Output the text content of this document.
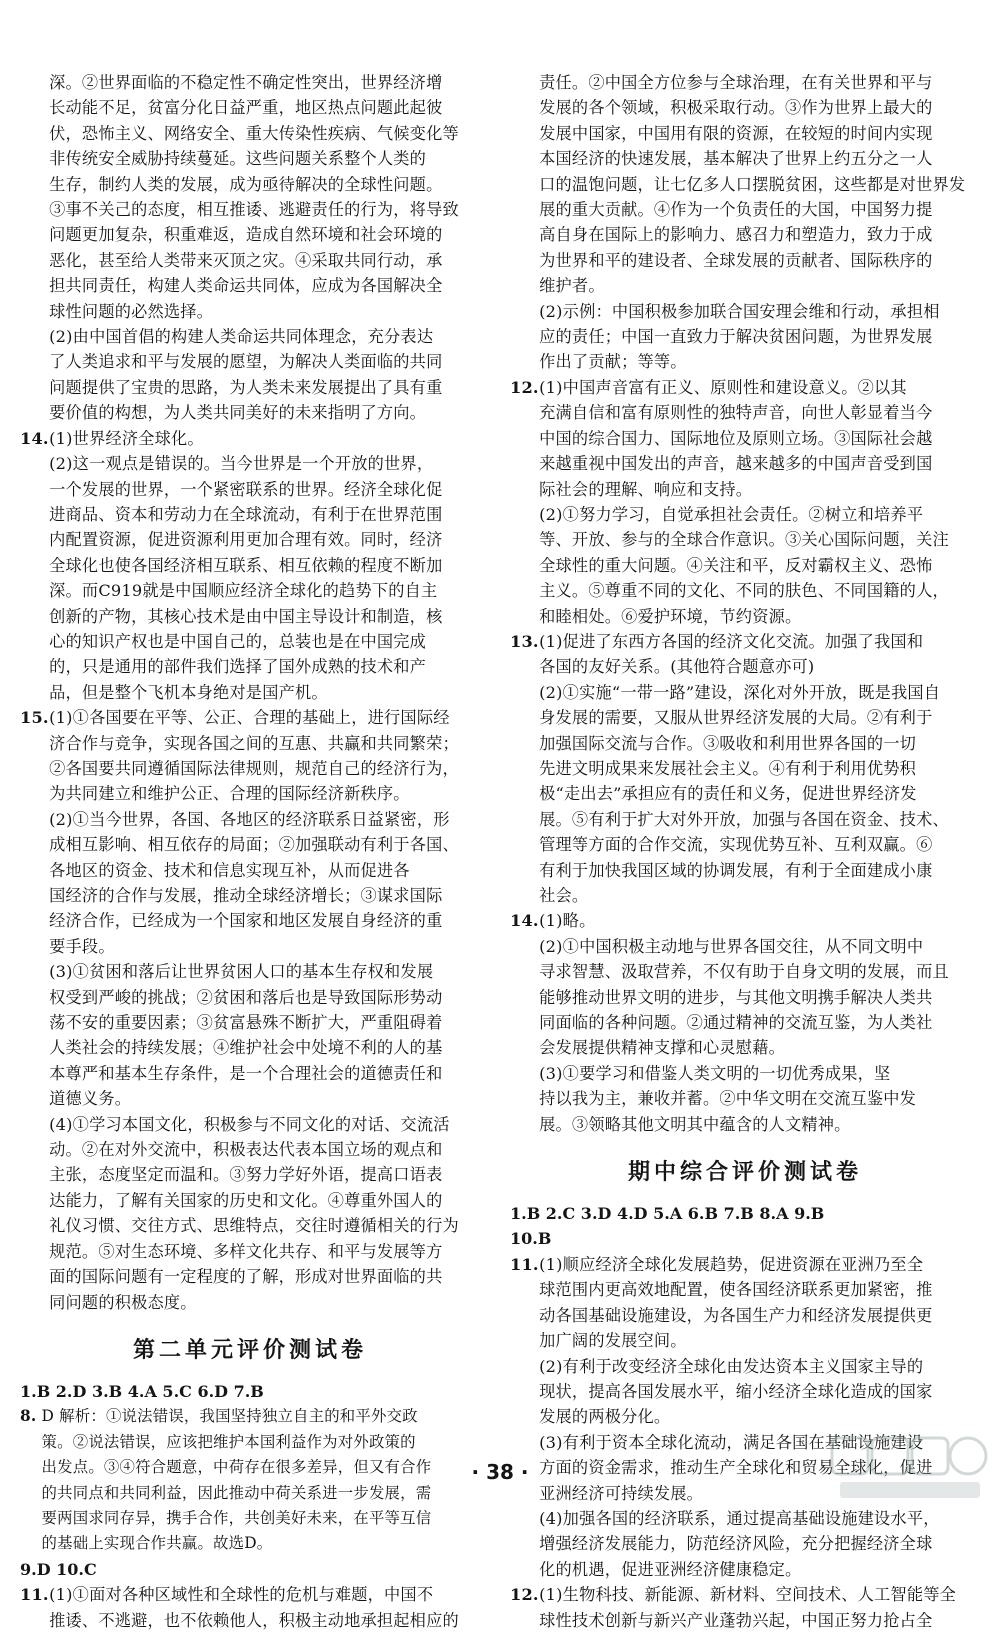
深。②世界面临的不稳定性不确定性突出，世界经济增
长动能不足，贫富分化日益严重，地区热点问题此起彼
伏，恐怖主义、网络安全、重大传染性疾病、气候变化等
非传统安全威胁持续蔓延。这些问题关系整个人类的
生存，制约人类的发展，成为亟待解决的全球性问题。
③事不关己的态度，相互推诿、逃避责任的行为，将导致
问题更加复杂，积重难返，造成自然环境和社会环境的
恶化，甚至给人类带来灭顶之灾。④采取共同行动，承
担共同责任，构建人类命运共同体，应成为各国解决全
球性问题的必然选择。
(2)由中国首倡的构建人类命运共同体理念，充分表达
了人类追求和平与发展的愿望，为解决人类面临的共同
问题提供了宝贵的思路，为人类未来发展提出了具有重
要价值的构想，为人类共同美好的未来指明了方向。
14. (1)世界经济全球化。
(2)这一观点是错误的。当今世界是一个开放的世界，
一个发展的世界，一个紧密联系的世界。经济全球化促
进商品、资本和劳动力在全球流动，有利于在世界范围
内配置资源，促进资源利用更加合理有效。同时，经济
全球化也使各国经济相互联系、相互依赖的程度不断加
深。而C919就是中国顺应经济全球化的趋势下的自主
创新的产物，其核心技术是由中国主导设计和制造，核
心的知识产权也是中国自己的，总装也是在中国完成
的，只是通用的部件我们选择了国外成熟的技术和产
品，但是整个飞机本身绝对是国产机。
15. (1)①各国要在平等、公正、合理的基础上，进行国际经
济合作与竞争，实现各国之间的互惠、共赢和共同繁荣；
②各国要共同遵循国际法律规则，规范自己的经济行为，
为共同建立和维护公正、合理的国际经济新秩序。
(2)①当今世界，各国、各地区的经济联系日益紧密，形
成相互影响、相互依存的局面；②加强联动有利于各国、
各地区的资金、技术和信息实现互补，从而促进各
国经济的合作与发展，推动全球经济增长；③谋求国际
经济合作，已经成为一个国家和地区发展自身经济的重
要手段。
(3)①贫困和落后让世界贫困人口的基本生存权和发展
权受到严峻的挑战；②贫困和落后也是导致国际形势动
荡不安的重要因素；③贫富悬殊不断扩大，严重阻碍着
人类社会的持续发展；④维护社会中处境不利的人的基
本尊严和基本生存条件，是一个合理社会的道德责任和
道德义务。
(4)①学习本国文化，积极参与不同文化的对话、交流活
动。②在对外交流中，积极表达代表本国立场的观点和
主张，态度坚定而温和。③努力学好外语，提高口语表
达能力，了解有关国家的历史和文化。④尊重外国人的
礼仪习惯、交往方式、思维特点，交往时遵循相关的行为
规范。⑤对生态环境、多样文化共存、和平与发展等方
面的国际问题有一定程度的了解，形成对世界面临的共
同问题的积极态度。
第二单元评价测试卷
1.B 2.D 3.B 4.A 5.C 6.D 7.B
8. D 解析：①说法错误，我国坚持独立自主的和平外交政
策。②说法错误，应该把维护本国利益作为对外政策的
出发点。③④符合题意，中荷存在很多差异，但又有合作
的共同点和共同利益，因此推动中荷关系进一步发展，需
要两国求同存异，携手合作，共创美好未来，在平等互信
的基础上实现合作共赢。故选D。
9.D 10.C
11. (1)①面对各种区域性和全球性的危机与难题，中国不
推诿、不逃避，也不依赖他人，积极主动地承担起相应的
责任。②中国全方位参与全球治理，在有关世界和平与
发展的各个领域，积极采取行动。③作为世界上最大的
发展中国家，中国用有限的资源，在较短的时间内实现
本国经济的快速发展，基本解决了世界上约五分之一人
口的温饱问题，让七亿多人口摆脱贫困，这些都是对世界发
展的重大贡献。④作为一个负责任的大国，中国努力提
高自身在国际上的影响力、感召力和塑造力，致力于成
为世界和平的建设者、全球发展的贡献者、国际秩序的
维护者。
(2)示例：中国积极参加联合国安理会维和行动，承担相
应的责任；中国一直致力于解决贫困问题，为世界发展
作出了贡献；等等。
12. (1)中国声音富有正义、原则性和建设意义。②以其
充满自信和富有原则性的独特声音，向世人彰显着当今
中国的综合国力、国际地位及原则立场。③国际社会越
来越重视中国发出的声音，越来越多的中国声音受到国
际社会的理解、响应和支持。
(2)①努力学习，自觉承担社会责任。②树立和培养平
等、开放、参与的全球合作意识。③关心国际问题，关注
全球性的重大问题。④关注和平，反对霸权主义、恐怖
主义。⑤尊重不同的文化、不同的肤色、不同国籍的人，
和睦相处。⑥爱护环境，节约资源。
13. (1)促进了东西方各国的经济文化交流。加强了我国和
各国的友好关系。(其他符合题意亦可)
(2)①实施“一带一路”建设，深化对外开放，既是我国自
身发展的需要，又服从世界经济发展的大局。②有利于
加强国际交流与合作。③吸收和利用世界各国的一切
先进文明成果来发展社会主义。④有利于利用优势积
极“走出去”承担应有的责任和义务，促进世界经济发
展。⑤有利于扩大对外开放，加强与各国在资金、技术、
管理等方面的合作交流，实现优势互补、互利双赢。⑥
有利于加快我国区域的协调发展，有利于全面建成小康
社会。
14. (1)略。
(2)①中国积极主动地与世界各国交往，从不同文明中
寻求智慧、汲取营养，不仅有助于自身文明的发展，而且
能够推动世界文明的进步，与其他文明携手解决人类共
同面临的各种问题。②通过精神的交流互鉴，为人类社
会发展提供精神支撑和心灵慰藉。
(3)①要学习和借鉴人类文明的一切优秀成果，坚
持以我为主，兼收并蓄。②中华文明在交流互鉴中发
展。③领略其他文明其中蕴含的人文精神。
期中综合评价测试卷
1.B 2.C 3.D 4.D 5.A 6.B 7.B 8.A 9.B
10.B
11. (1)顺应经济全球化发展趋势，促进资源在亚洲乃至全
球范围内更高效地配置，使各国经济联系更加紧密，推
动各国基础设施建设，为各国生产力和经济发展提供更
加广阔的发展空间。
(2)有利于改变经济全球化由发达资本主义国家主导的
现状，提高各国发展水平，缩小经济全球化造成的国家
发展的两极分化。
(3)有利于资本全球化流动，满足各国在基础设施建设
方面的资金需求，推动生产全球化和贸易全球化，促进
亚洲经济可持续发展。
(4)加强各国的经济联系，通过提高基础设施建设水平，
增强经济发展能力，防范经济风险，充分把握经济全球
化的机遇，促进亚洲经济健康稳定。
12. (1)生物科技、新能源、新材料、空间技术、人工智能等全
球性技术创新与新兴产业蓬勃兴起，中国正努力抢占全
· 38 ·
